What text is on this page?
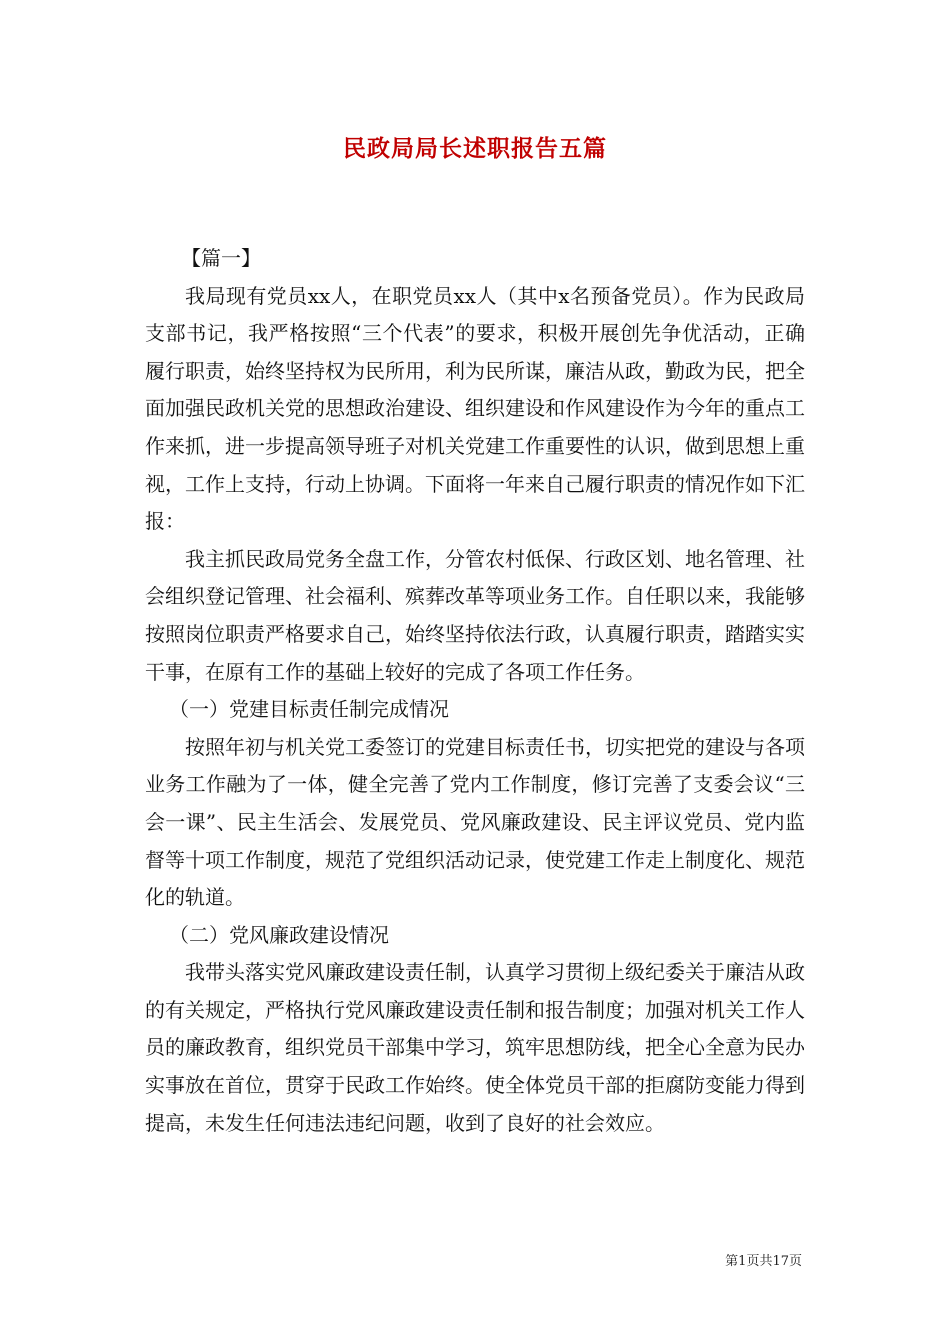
民政局局长述职报告五篇

【篇一】

我局现有党员xx人，在职党员xx人（其中x名预备党员）。作为民政局支部书记，我严格按照“三个代表”的要求，积极开展创先争优活动，正确履行职责，始终坚持权为民所用，利为民所谋，廉洁从政，勤政为民，把全面加强民政机关党的思想政治建设、组织建设和作风建设作为今年的重点工作来抓，进一步提高领导班子对机关党建工作重要性的认识，做到思想上重视，工作上支持，行动上协调。下面将一年来自己履行职责的情况作如下汇报：

我主抓民政局党务全盘工作，分管农村低保、行政区划、地名管理、社会组织登记管理、社会福利、殡葬改革等项业务工作。自任职以来，我能够按照岗位职责严格要求自己，始终坚持依法行政，认真履行职责，踏踏实实干事，在原有工作的基础上较好的完成了各项工作任务。

（一）党建目标责任制完成情况

按照年初与机关党工委签订的党建目标责任书，切实把党的建设与各项业务工作融为了一体，健全完善了党内工作制度，修订完善了支委会议“三会一课”、民主生活会、发展党员、党风廉政建设、民主评议党员、党内监督等十项工作制度，规范了党组织活动记录，使党建工作走上制度化、规范化的轨道。

（二）党风廉政建设情况

我带头落实党风廉政建设责任制，认真学习贯彻上级纪委关于廉洁从政的有关规定，严格执行党风廉政建设责任制和报告制度；加强对机关工作人员的廉政教育，组织党员干部集中学习，筑牢思想防线，把全心全意为民办实事放在首位，贯穿于民政工作始终。使全体党员干部的拒腐防变能力得到提高，未发生任何违法违纪问题，收到了良好的社会效应。

第1页共17页
